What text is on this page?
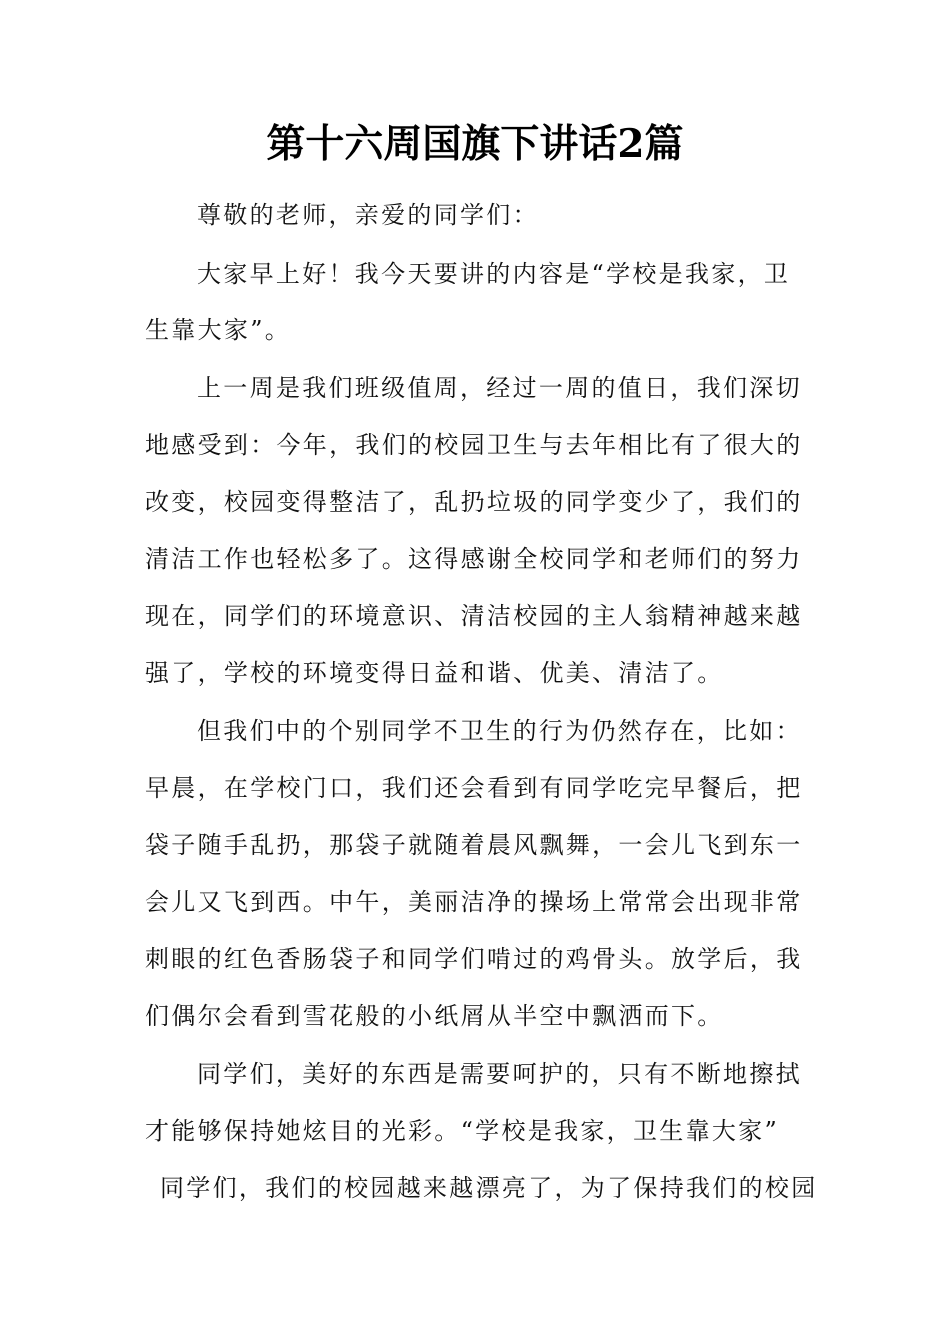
第十六周国旗下讲话2篇
尊敬的老师，亲爱的同学们：
大家早上好！我今天要讲的内容是“学校是我家，卫
生靠大家”。
上一周是我们班级值周，经过一周的值日，我们深切
地感受到：今年，我们的校园卫生与去年相比有了很大的
改变，校园变得整洁了，乱扔垃圾的同学变少了，我们的
清洁工作也轻松多了。这得感谢全校同学和老师们的努力
现在，同学们的环境意识、清洁校园的主人翁精神越来越
强了，学校的环境变得日益和谐、优美、清洁了。
但我们中的个别同学不卫生的行为仍然存在，比如：
早晨，在学校门口，我们还会看到有同学吃完早餐后，把
袋子随手乱扔，那袋子就随着晨风飘舞，一会儿飞到东一
会儿又飞到西。中午，美丽洁净的操场上常常会出现非常
刺眼的红色香肠袋子和同学们啃过的鸡骨头。放学后，我
们偶尔会看到雪花般的小纸屑从半空中飘洒而下。
同学们，美好的东西是需要呵护的，只有不断地擦拭
才能够保持她炫目的光彩。“学校是我家，卫生靠大家”
同学们，我们的校园越来越漂亮了，为了保持我们的校园
